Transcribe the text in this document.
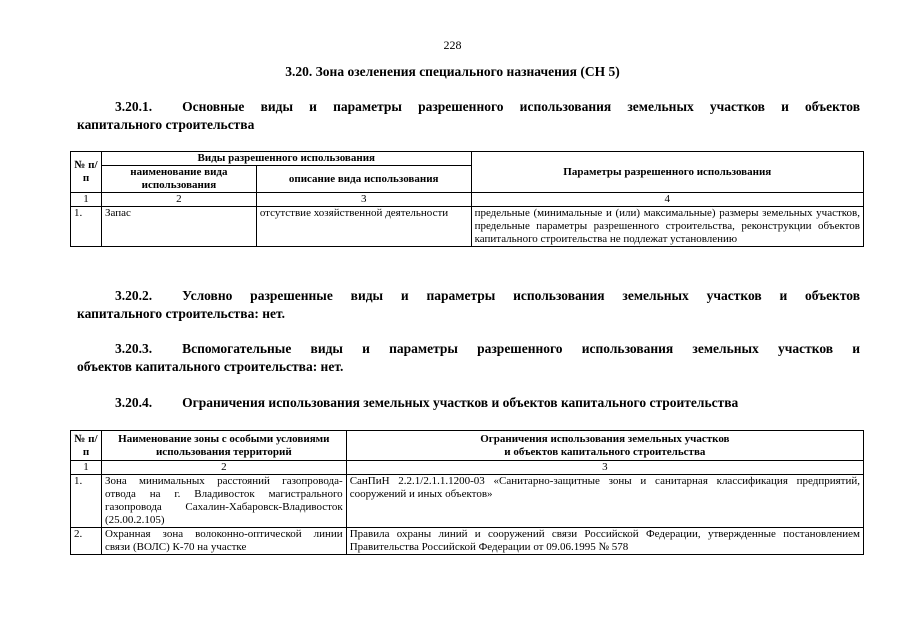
228
3.20. Зона озеленения специального назначения (СН 5)
3.20.1. Основные виды и параметры разрешенного использования земельных участков и объектов
капитального строительства
№ п/п	Виды разрешенного использования		Параметры разрешенного использования
	наименование вида использования	описание вида использования	
1	2	3	4
1.	Запас	отсутствие хозяйственной деятельности	предельные (минимальные и (или) максимальные) размеры земельных участков, предельные параметры разрешенного строительства, реконструкции объектов капитального строительства не подлежат установлению
3.20.2. Условно разрешенные виды и параметры использования земельных участков и объектов
капитального строительства: нет.
3.20.3. Вспомогательные виды и параметры разрешенного использования земельных участков и
объектов капитального строительства: нет.
3.20.4. Ограничения использования земельных участков и объектов капитального строительства
№ п/п	Наименование зоны с особыми условиями использования территорий	Ограничения использования земельных участков
и объектов капитального строительства

1	2	3
1.	Зона минимальных расстояний газопровода-отвода на г. Владивосток магистрального газопровода Сахалин-Хабаровск-Владивосток (25.00.2.105)	СанПиН 2.2.1/2.1.1.1200-03 «Санитарно-защитные зоны и санитарная классификация предприятий, сооружений и иных объектов»
2.	Охранная зона волоконно-оптической линии связи (ВОЛС) К-70 на участке	Правила охраны линий и сооружений связи Российской Федерации, утвержденные постановлением Правительства Российской Федерации от 09.06.1995 № 578
